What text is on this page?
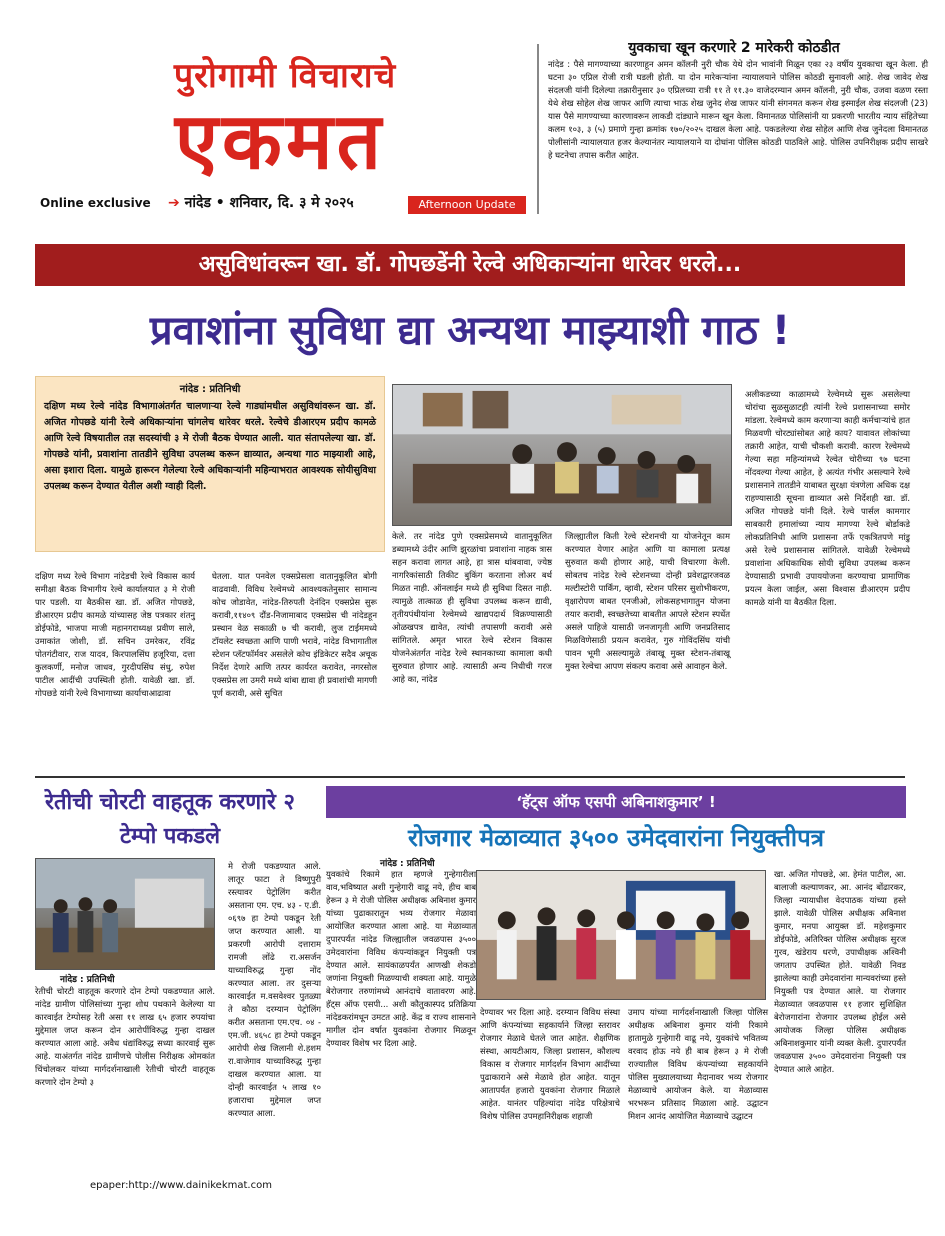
पुरोगामी विचाराचे
एकमत
Online exclusive ➔ नांदेड • शनिवार, दि. ३ मे २०२५	Afternoon Update
युवकाचा खून करणारे 2 मारेकरी कोठडीत
नांदेड : पैसे मागण्याच्या कारणाहून अमन कॉलनी नुरी चौक येथे दोन भावांनी मिळून एका २३ वर्षीय युवकाचा खून केला. ही घटना ३० एप्रिल रोजी रात्री घडली होती. या दोन मारेकऱ्यांना न्यायालयाने पोलिस कोठडी सुनावली आहे. शेख जावेद शेख संदलजी यांनी दिलेल्या तक्रारीनुसार ३० एप्रिलच्या रात्री ११ ते ११.३० वाजेदरम्यान अमन कॉलनी, नुरी चौक, उजवा वळण रस्ता येथे शेख सोहेल शेख जाफर आणि त्याचा भाऊ शेख जुनेद शेख जाफर यांनी संगनमत करून शेख इस्माईल शेख संदलजी (23) यास पैसे मागण्याच्या कारणावरून लाकडी दांड्याने मारून खून केला. विमानतळ पोलिसांनी या प्रकरणी भारतीय न्याय संहितेच्या कलम १०३, ३ (५) प्रमाणे गुन्हा क्रमांक १७०/२०२५ दाखल केला आहे. पकडलेल्या शेख सोहेल आणि शेख जुनेदला विमानतळ पोलीसांनी न्यायालयात हजर केल्यानंतर न्यायालयाने या दोघांना पोलिस कोठडी पाठविले आहे. पोलिस उपनिरीक्षक प्रदीप साखरे हे घटनेचा तपास करीत आहेत.
असुविधांवरून खा. डॉ. गोपछडेंनी रेल्वे अधिकाऱ्यांना धारेवर धरले...
प्रवाशांना सुविधा द्या अन्यथा माझ्याशी गाठ !
नांदेड : प्रतिनिधी
दक्षिण मध्य रेल्वे नांदेड विभागाअंतर्गत चालणाऱ्या रेल्वे गाड्यांमधील असुविधांवरून खा. डॉ. अजित गोपछडे यांनी रेल्वे अधिकाऱ्यांना चांगलेच धारेवर धरले. रेल्वेचे डीआरएम प्रदीप कामळे आणि रेल्वे विषयातील तज्ञ सदस्यांची ३ मे रोजी बैठक घेण्यात आली. यात संतापलेल्या खा. डॉ. गोपछडे यांनी, प्रवाशांना तातडीने सुविधा उपलब्ध करून द्याव्यात, अन्यथा गाठ माझ्याशी आहे, असा इशारा दिला. यामुळे हारूरन गेलेल्या रेल्वे अधिकाऱ्यांनी महिन्याभरात आवश्यक सोयीसुविधा उपलब्ध करून देण्यात येतील अशी ग्वाही दिली.
अलीकडच्या काळामध्ये रेल्वेमध्ये सुरू असलेल्या चोरांचा सुळसुळाटही त्यांनी रेल्वे प्रशासनाच्या समोर मांडला. रेल्वेमध्ये काम करणाऱ्या काही कर्मचाऱ्यांचे हात मिळवणी चोरट्यांसोबत आहे काय? यावावत लोकांच्या तक्रारी आहेत, याची चौकशी करावी. कारण रेल्वेमध्ये गेल्या सहा महिन्यांमध्ये रेल्वेत चोरीच्या ९७ घटना नोंदवल्या गेल्या आहेत, हे अत्यंत गंभीर असल्याने रेल्वे प्रशासनाने तातडीने याबाबत सुरक्षा यंत्रणेला अधिक दक्ष राहण्यासाठी सूचना द्याव्यात असे निर्देशही खा. डॉ. अजित गोपछडे यांनी दिले. रेल्वे पार्सल कामगार साबकारी हमालांच्या न्याय मागण्या रेल्वे बोर्डाकडे लोकप्रतिनिधी आणि प्रशासना तर्फे एकत्रितपणे मांडु असे रेल्वे प्रशासनास सांगितले. यावेळी रेल्वेमध्ये प्रवाशांना अधिकाधिक सोयी सुविधा उपलब्ध करून देण्यासाठी प्रभावी उपाययोजना करण्याचा प्रामाणिक प्रयत्न केला जाईल, असा विश्वास डीआरएम प्रदीप कामळे यांनी या बैठकीत दिला.
केले. तर नांदेड पुणे एक्सप्रेसमध्ये वातानुकूलित डब्यामध्ये उंदीर आणि झुरळांचा प्रवाशांना नाहक त्रास सहन करावा लागत आहे, हा त्रास थांबवावा, ज्येष्ठ नागरिकांसाठी तिकीट बुकिंग करताना लोअर बर्थ मिळत नाही. ऑनलाईन मध्ये ही सुविधा दिसत नाही. त्यामुळे तात्काळ ही सुविधा उपलब्ध करून द्यावी, तृतीयपंथीयांना रेल्वेमध्ये खाद्यपदार्थ विक्रण्यासाठी ओळखपत्र द्यावेत, त्यांची तपासणी करावी असे सांगितले. अमृत भारत रेल्वे स्टेशन विकास योजनेअंतर्गत नांदेड रेल्वे स्थानकाच्या कामाला कधी सुरुवात होणार आहे. त्यासाठी अन्य निधीची गरज आहे का, नांदेड
जिल्ह्यातील किती रेल्वे स्टेशनची या योजनेतून काम करण्यात येणार आहेत आणि या कामाला प्रत्यक्ष सुरुवात कधी होणार आहे, याची विचारणा केली. सोबतच नांदेड रेल्वे स्टेशनच्या दोन्ही प्रवेशद्वारजवळ मल्टीस्टोरी पार्किंग, व्हावी, स्टेशन परिसर सुशोभीकरण, वृक्षारोपण बाबत एनजीओ, लोकसहभागातुन योजना तयार करावी, स्वच्छतेच्या बाबतीत आपले स्टेशन स्पर्धेत असले पाहिजे यासाठी जनजागृती आणि जनप्रतिसाद मिळविणेसाठी प्रयत्न करावेत, गुरु गोविंदसिंघ यांची पावन भूमी असल्यामुळे तंबाखू मुक्त स्टेशन-तंबाखू मुक्त रेल्वेचा आपण संकल्प करावा असे आवाहन केले.
दक्षिण मध्य रेल्वे विभाग नांदेडची रेल्वे विकास कार्य समीक्षा बैठक विभागीय रेल्वे कार्यालयात ३ मे रोजी पार पडली. या बैठकीस खा. डॉ. अजित गोपछडे, डीआरएम प्रदीप कामळे यांच्यासह जेष्ठ पत्रकार शंतनु डोईफोडे, भाजपा माजी महानगराध्यक्ष प्रवीण साले, उमाकांत जोशी, डॉ. सचिन उमरेकर, रविंद्र पोतगंटीवार, राज यादव, किरपालसिंघ हजूरिया, दत्ता कुलकर्णी, मनोज जाधव, गुरदीपसिंघ संधु, रुपेश पाटील आदींची उपस्थिती होती. यावेळी खा. डॉ. गोपछडे यांनी रेल्वे विभागाच्या कार्याचाआढावा
घेतला. यात पनवेल एक्सप्रेसला वातानुकूलित बोगी वाढवावी. विविध रेल्वेमध्ये आवश्यकतेनुसार सामान्य कोच जोडावेत, नांदेड-तिरुपती देनंदिन एक्सप्रेस सुरू करावी,११४०९ दौंड-निजामाबाद एक्सप्रेस ची नांदेडहून प्रस्थान वेळ सकाळी ७ ची करावी, लुज टाईममध्ये टॉयलेट स्वच्छता आणि पाणी भरावे, नांदेड विभागातील स्टेशन प्लॅटफॉर्मवर असलेले कोच इंडिकेटर सदैव अचूक निर्देश देणारे आणि तत्पर कार्यरत करावेत, नगरसोल एक्सप्रेस ला उमरी मध्ये थांबा द्यावा ही प्रवाशांची मागणी पूर्ण करावी, असे सुचित
रेतीची चोरटी वाहतूक करणारे २ टेम्पो पकडले
नांदेड : प्रतिनिधी
रेतीची चोरटी वाहतूक करणारे दोन टेम्पो पकडण्यात आले. नांदेड ग्रामीण पोलिसांच्या गुन्हा शोध पथकाने केलेल्या या कारवाईत टेम्पोसह रेती असा ११ लाख ६५ हजार रुपयांचा मुद्देमाल जप्त करून दोन आरोपींविरुद्ध गुन्हा दाखल करण्यात आला आहे. अवैध धंद्यांविरुद्ध सध्या कारवाई सुरू आहे. याअंतर्गत नांदेड ग्रामीणचे पोलीस निरीक्षक ओमकांत चिंचोलकर यांच्या मार्गदर्शनाखाली रेतीची चोरटी वाहतूक करणारे दोन टेम्पो ३
मे रोजी पकडण्यात आले. लातूर फाटा ते विष्णुपुरी रस्त्यावर पेट्रोलिंग करीत असताना एम. एच. ४३ - ए.डी. ०६९७ हा टेम्पो पकडून रेती जप्त करण्यात आली. या प्रकरणी आरोपी दत्ताराम रामजी लोंढे रा.असर्जन याच्याविरुद्ध गुन्हा नोंद करण्यात आला. तर दुसऱ्या कारवाईत म.वसवेश्वर पुतळ्या ते कौठा दरम्यान पेट्रोलिंग करीत असताना एम.एच. ०४ - एम.जी. ४६५८ हा टेम्पो पकडून आरोपी शेख जिलानी शे.हशम रा.वाजेगाव याच्याविरुद्ध गुन्हा दाखल करण्यात आला. या दोन्ही कारवाईत ५ लाख १० हजाराचा मुद्देमाल जप्त करण्यात आला.
‘हॅट्स ऑफ एसपी अबिनाशकुमार’ !
रोजगार मेळाव्यात ३५०० उमेदवारांना नियुक्तीपत्र
नांदेड : प्रतिनिधी
युवकांचे रिकामे हात म्हणजे गुन्हेगारीला वाव,भविष्यात अशी गुन्हेगारी वाढू नये, हीच बाब हेरून ३ मे रोजी पोलिस अधीक्षक अबिनाश कुमार यांच्या पुढाकारातून भव्य रोजगार मेळावा आयोजित करण्यात आला आहे. या मेळाव्यात दुपारपर्यंत नांदेड जिल्ह्यातील जवळपास ३५०० उमेदवारांना विविध कंपन्यांकडून नियुक्ती पत्र देण्यात आले. सायंकाळपर्यंत आणखी शेकडो जणांना नियुक्ती मिळण्याची शक्यता आहे. यामुळे बेरोजगार तरुणांमध्ये आनंदाचे वातावरण आहे. हॅट्स ऑफ एसपी... अशी कौतुकास्पद प्रतिक्रिया नांदेडकरांमधून उमटत आहे. केंद्र व राज्य शासनाने मागील दोन वर्षात युवकांना रोजगार मिळवून देण्यावर विशेष भर दिला आहे.
खा. अजित गोपछडे, आ. हेमंत पाटील, आ. बालाजी कल्याणकर, आ. आनंद बोंढारकर, जिल्हा न्यायाधीश वेदपाठक यांच्या हस्ते झाले. यावेळी पोलिस अधीक्षक अबिनाश कुमार, मनपा आयुक्त डॉ. महेशकुमार डोईफोडे, अतिरिक्त पोलिस अधीक्षक सुरज गुरव, खंडेराय धरणे, उपाधीक्षक अश्विनी जगताप उपस्थित होते. यावेळी निवड झालेल्या काही उमेदवारांना मान्यवरांच्या हस्ते नियुक्ती पत्र देण्यात आले. या रोजगार मेळाव्यात जवळपास ११ हजार सुशिक्षित बेरोजगारांना रोजगार उपलब्ध होईल असे आयोजक जिल्हा पोलिस अधीक्षक अबिनाशकुमार यांनी व्यक्त केली. दुपारपर्यंत जवळपास ३५०० उमेदवारांना नियुक्ती पत्र देण्यात आले आहेत.
देण्यावर भर दिला आहे. दरम्यान विविध संस्था आणि कंपन्यांच्या सहकार्याने जिल्हा स्तरावर रोजगार मेळावे घेतले जात आहेत. शैक्षणिक संस्था, आयटीआय, जिल्हा प्रशासन, कौशल्य विकास व रोजगार मार्गदर्शन विभाग आदींच्या पुढाकाराने असे मेळावे होत आहेत. यातून आतापर्यंत हजारो युवकांना रोजगार मिळाले आहेत. यानंतर पहिल्यांदा नांदेड परिक्षेत्राचे विशेष पोलिस उपमहानिरीक्षक शहाजी
उमाप यांच्या मार्गदर्शनाखाली जिल्हा पोलिस अधीक्षक अबिनाश कुमार यांनी रिकामे हातामुळे गुन्हेगारी वाढू नये, युवकांचे भवितव्य वरवाद होऊ नये ही बाब हेरून ३ मे रोजी राज्यातील विविध कंपन्यांच्या सहकार्याने पोलिस मुख्यालयाच्या मैदानावर भव्य रोजगार मेळाव्याचे आयोजन केले. या मेळाव्यास भरभरून प्रतिसाद मिळाला आहे. उद्घाटन मिशन आनंद आयोजित मेळाव्याचे उद्घाटन
epaper:http://www.dainikekmat.com
